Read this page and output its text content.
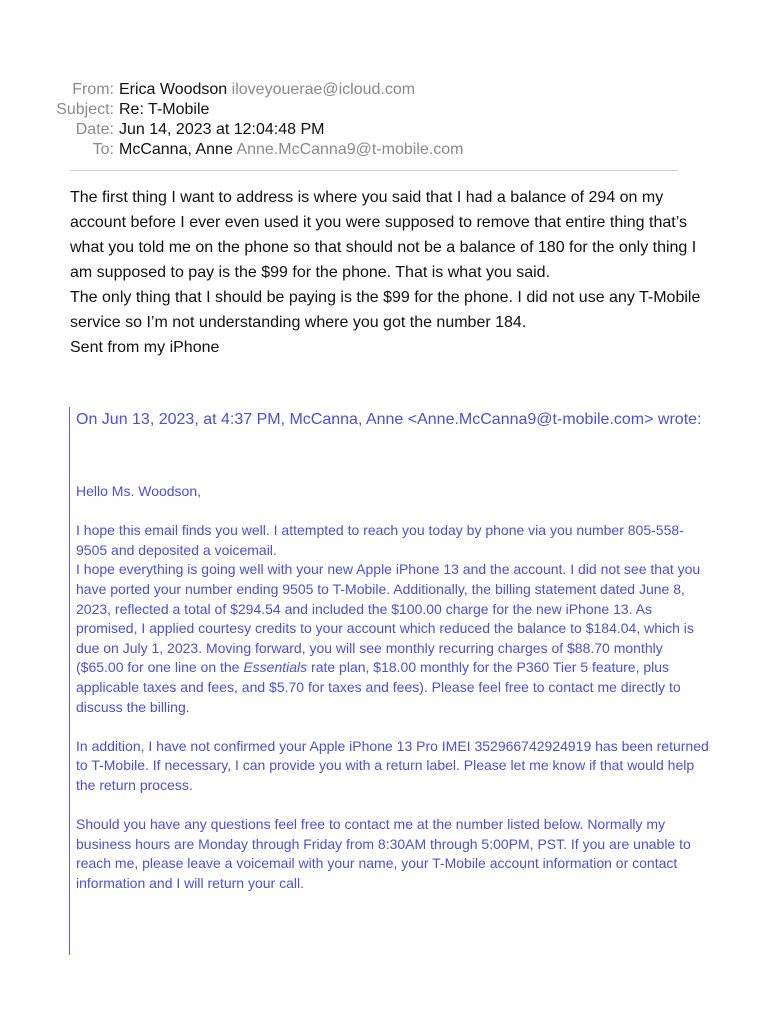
From: Erica Woodson iloveyouerae@icloud.com
Subject: Re: T-Mobile
Date: Jun 14, 2023 at 12:04:48 PM
To: McCanna, Anne Anne.McCanna9@t-mobile.com

The first thing I want to address is where you said that I had a balance of 294 on my account before I ever even used it you were supposed to remove that entire thing that’s what you told me on the phone so that should not be a balance of 180 for the only thing I am supposed to pay is the $99 for the phone. That is what you said.

The only thing that I should be paying is the $99 for the phone. I did not use any T-Mobile service so I’m not understanding where you got the number 184.

Sent from my iPhone

On Jun 13, 2023, at 4:37 PM, McCanna, Anne <Anne.McCanna9@t-mobile.com> wrote:

Hello Ms. Woodson,

I hope this email finds you well. I attempted to reach you today by phone via you number 805-558-9505 and deposited a voicemail.

I hope everything is going well with your new Apple iPhone 13 and the account. I did not see that you have ported your number ending 9505 to T-Mobile. Additionally, the billing statement dated June 8, 2023, reflected a total of $294.54 and included the $100.00 charge for the new iPhone 13. As promised, I applied courtesy credits to your account which reduced the balance to $184.04, which is due on July 1, 2023. Moving forward, you will see monthly recurring charges of $88.70 monthly ($65.00 for one line on the Essentials rate plan, $18.00 monthly for the P360 Tier 5 feature, plus applicable taxes and fees, and $5.70 for taxes and fees). Please feel free to contact me directly to discuss the billing.

In addition, I have not confirmed your Apple iPhone 13 Pro IMEI 352966742924919 has been returned to T-Mobile. If necessary, I can provide you with a return label. Please let me know if that would help the return process.

Should you have any questions feel free to contact me at the number listed below. Normally my business hours are Monday through Friday from 8:30AM through 5:00PM, PST. If you are unable to reach me, please leave a voicemail with your name, your T-Mobile account information or contact information and I will return your call.
